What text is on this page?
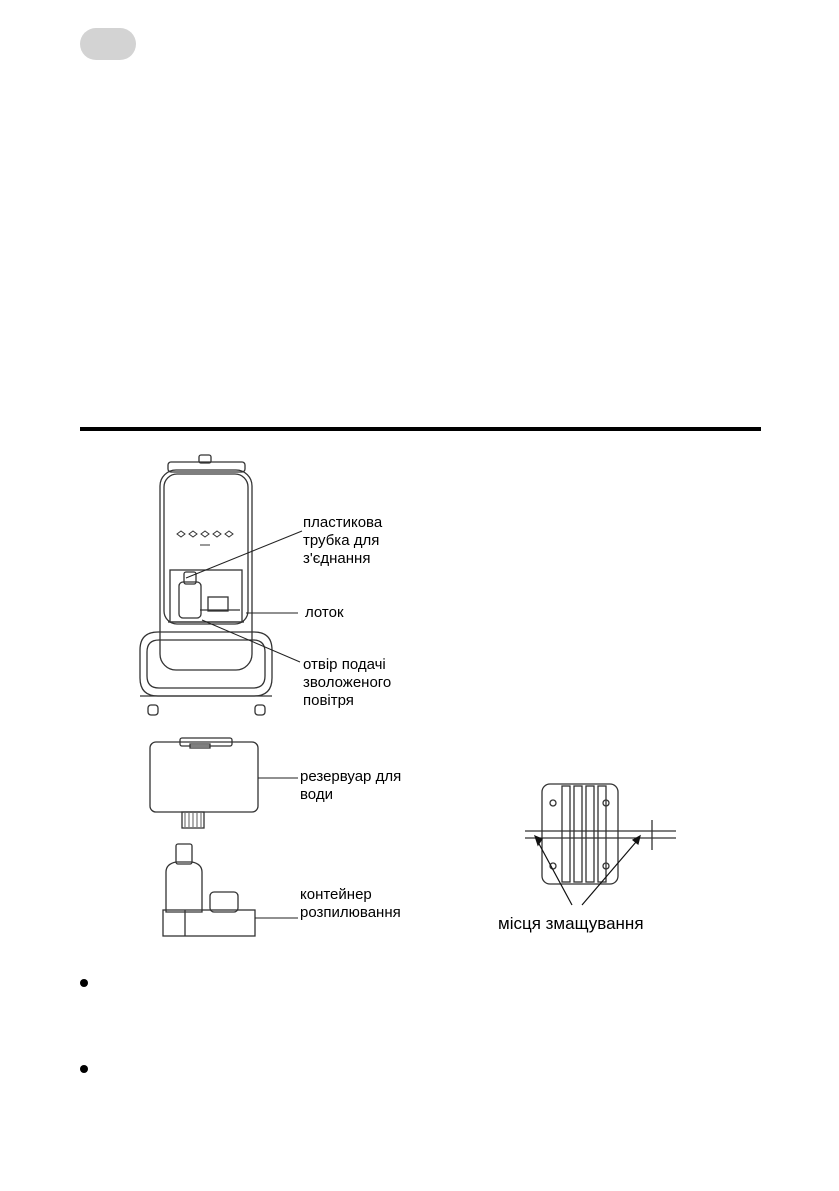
пластикова
трубка для
з'єднання
лоток
отвір подачі
зволоженого
повітря
резервуар для
води
контейнер
розпилювання
місця змащування
